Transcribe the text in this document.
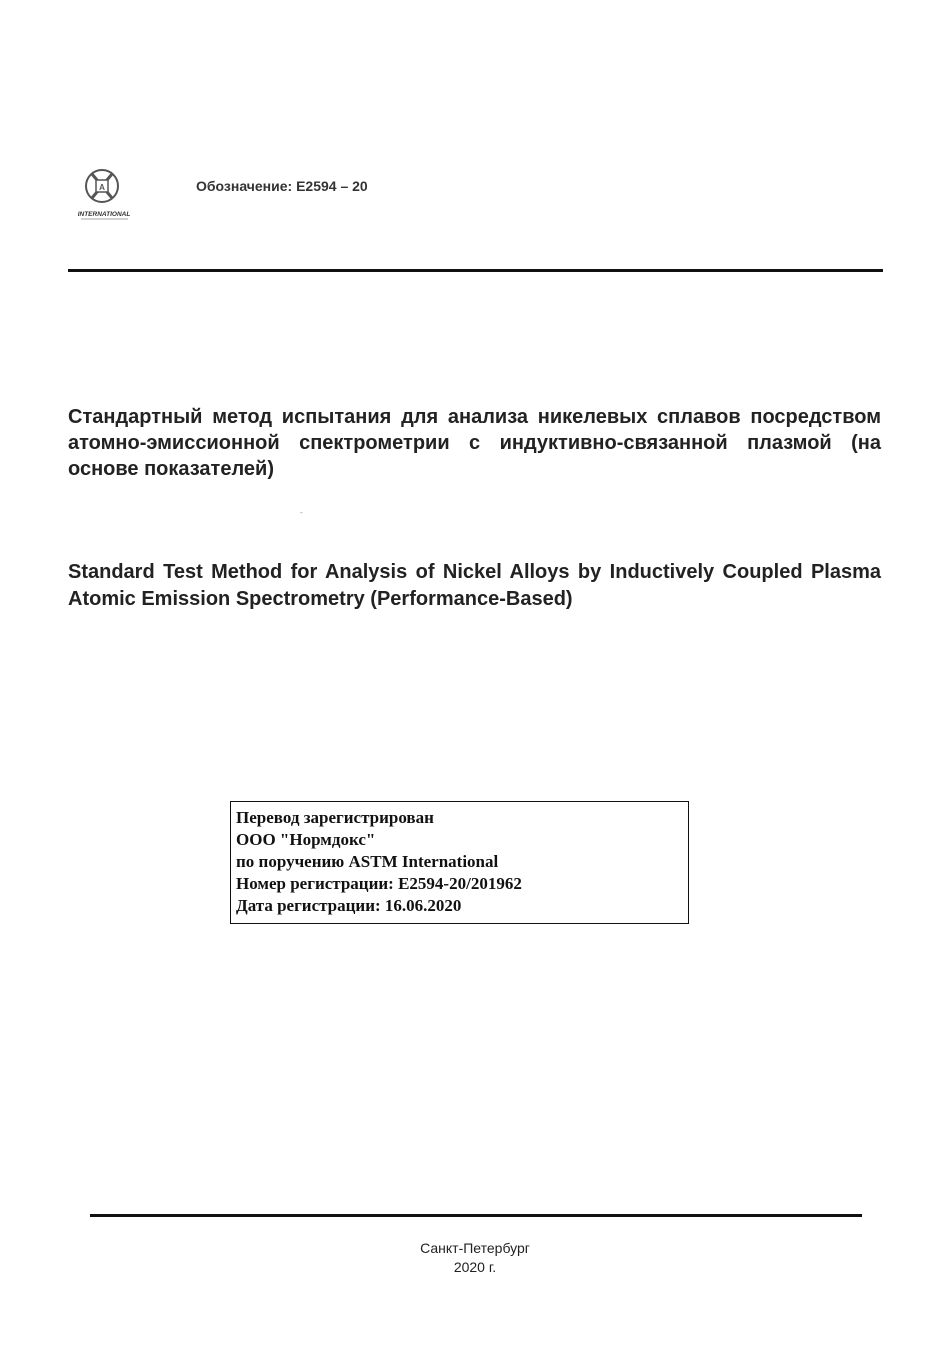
A
INTERNATIONAL
Обозначение: E2594 – 20
Стандартный метод испытания для анализа никелевых сплавов посредством атомно-эмиссионной спектрометрии с индуктивно-связанной плазмой (на основе показателей)
-
Standard Test Method for Analysis of Nickel Alloys by Inductively Coupled Plasma Atomic Emission Spectrometry (Performance-Based)
Перевод зарегистрирован
ООО "Нормдокс"
по поручению ASTM International
Номер регистрации: E2594-20/201962
Дата регистрации: 16.06.2020
Санкт-Петербург
2020 г.
